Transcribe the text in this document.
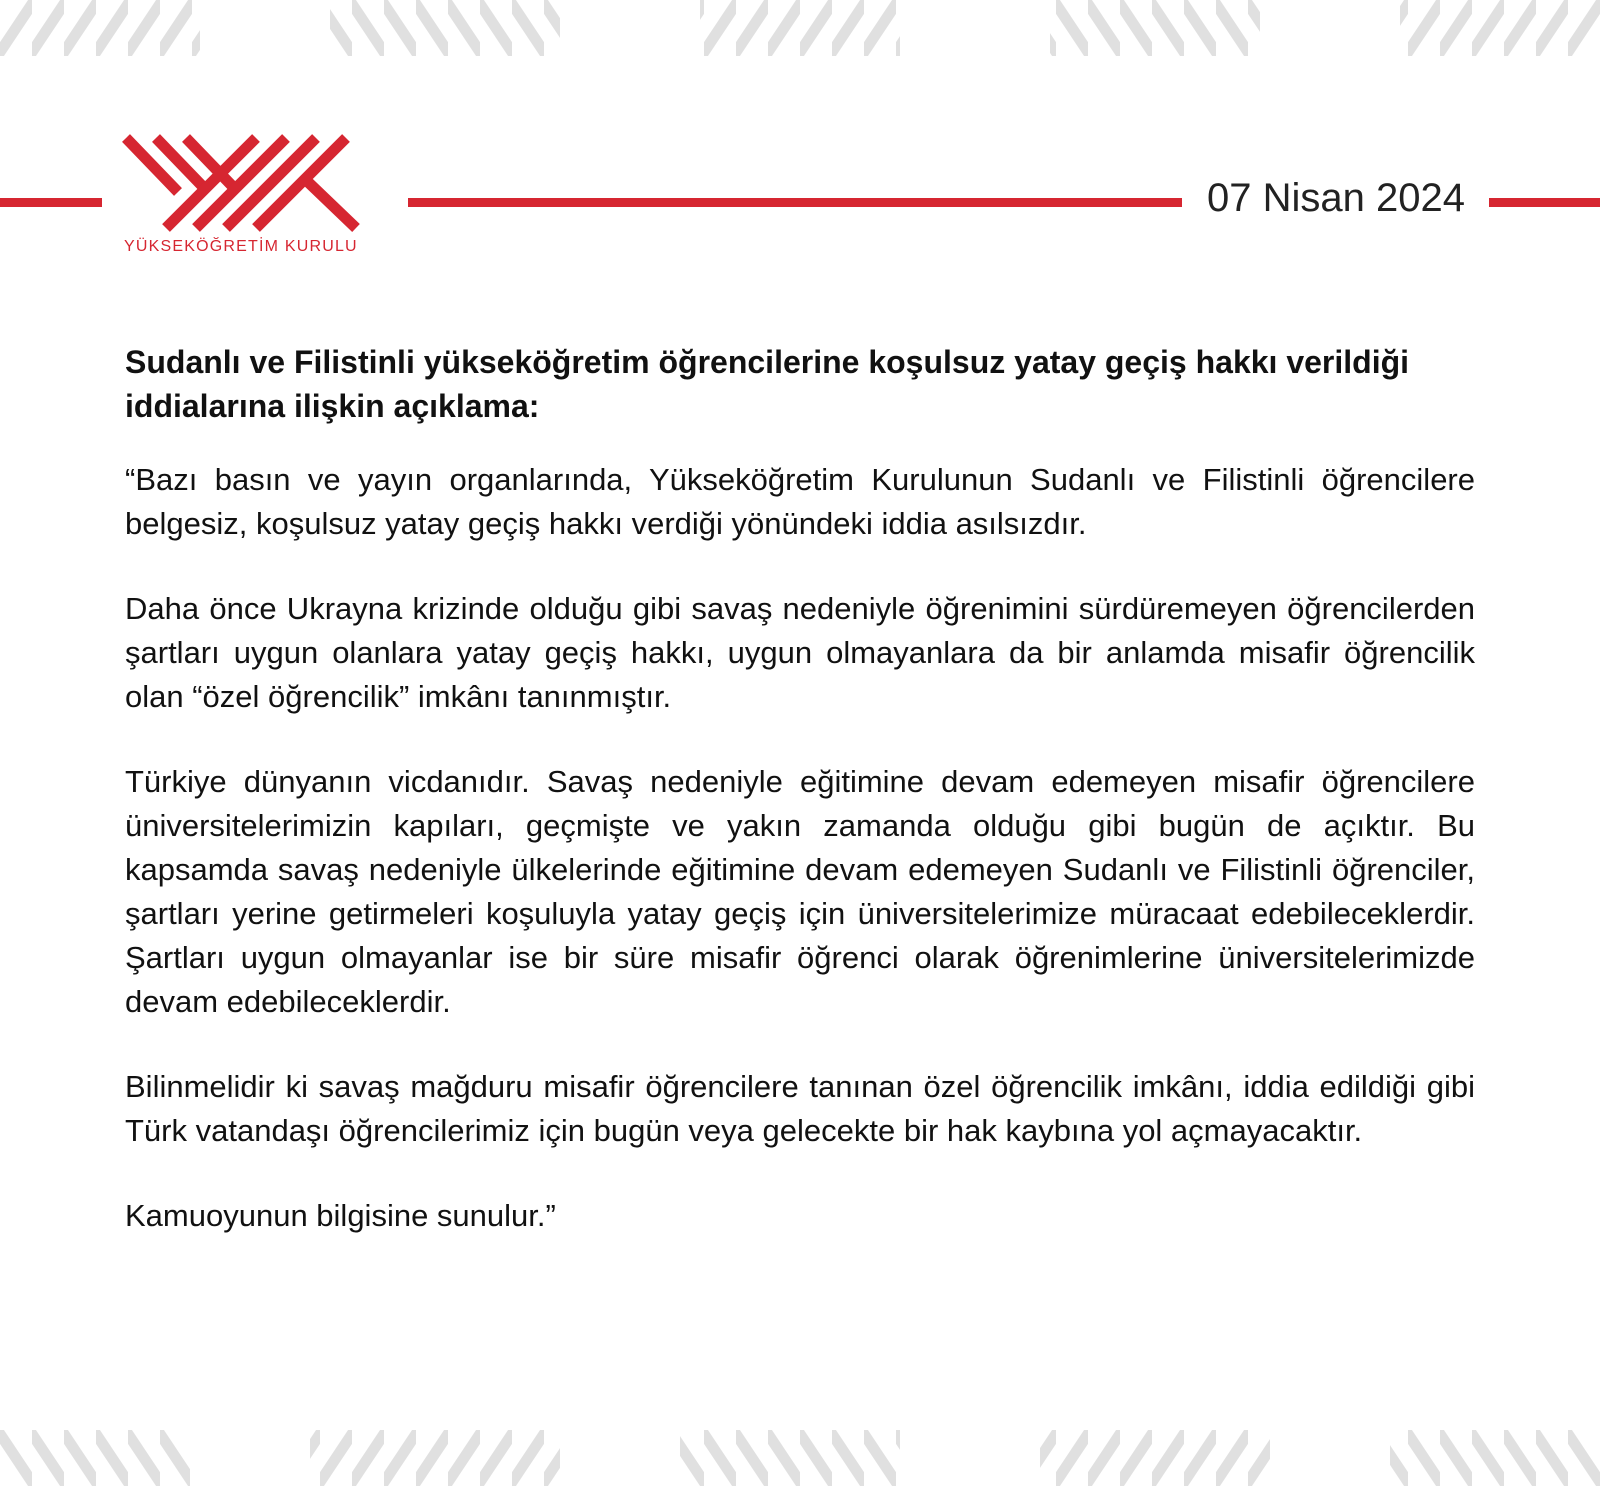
YÜKSEKÖĞRETİM KURULU
07 Nisan 2024

Sudanlı ve Filistinli yükseköğretim öğrencilerine koşulsuz yatay geçiş hakkı verildiği iddialarına ilişkin açıklama:

“Bazı basın ve yayın organlarında, Yükseköğretim Kurulunun Sudanlı ve Filistinli öğrencilere belgesiz, koşulsuz yatay geçiş hakkı verdiği yönündeki iddia asılsızdır.

Daha önce Ukrayna krizinde olduğu gibi savaş nedeniyle öğrenimini sürdüremeyen öğrencilerden şartları uygun olanlara yatay geçiş hakkı, uygun olmayanlara da bir anlamda misafir öğrencilik olan “özel öğrencilik” imkânı tanınmıştır.

Türkiye dünyanın vicdanıdır. Savaş nedeniyle eğitimine devam edemeyen misafir öğrencilere üniversitelerimizin kapıları, geçmişte ve yakın zamanda olduğu gibi bugün de açıktır. Bu kapsamda savaş nedeniyle ülkelerinde eğitimine devam edemeyen Sudanlı ve Filistinli öğrenciler, şartları yerine getirmeleri koşuluyla yatay geçiş için üniversitelerimize müracaat edebileceklerdir. Şartları uygun olmayanlar ise bir süre misafir öğrenci olarak öğrenimlerine üniversitelerimizde devam edebileceklerdir.

Bilinmelidir ki savaş mağduru misafir öğrencilere tanınan özel öğrencilik imkânı, iddia edildiği gibi Türk vatandaşı öğrencilerimiz için bugün veya gelecekte bir hak kaybına yol açmayacaktır.

Kamuoyunun bilgisine sunulur.”
